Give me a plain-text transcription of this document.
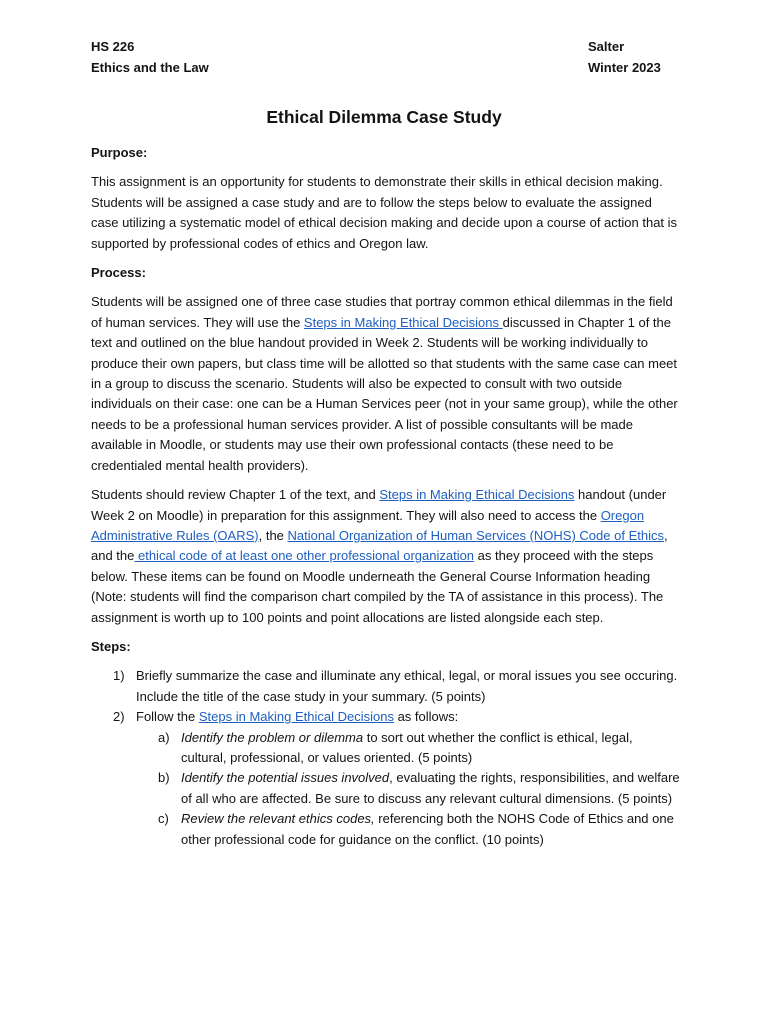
HS 226
Ethics and the Law
Salter
Winter 2023
Ethical Dilemma Case Study

Purpose:

This assignment is an opportunity for students to demonstrate their skills in ethical decision making. Students will be assigned a case study and are to follow the steps below to evaluate the assigned case utilizing a systematic model of ethical decision making and decide upon a course of action that is supported by professional codes of ethics and Oregon law.

Process:

Students will be assigned one of three case studies that portray common ethical dilemmas in the field of human services. They will use the Steps in Making Ethical Decisions discussed in Chapter 1 of the text and outlined on the blue handout provided in Week 2. Students will be working individually to produce their own papers, but class time will be allotted so that students with the same case can meet in a group to discuss the scenario. Students will also be expected to consult with two outside individuals on their case: one can be a Human Services peer (not in your same group), while the other needs to be a professional human services provider. A list of possible consultants will be made available in Moodle, or students may use their own professional contacts (these need to be credentialed mental health providers).

Students should review Chapter 1 of the text, and Steps in Making Ethical Decisions handout (under Week 2 on Moodle) in preparation for this assignment. They will also need to access the Oregon Administrative Rules (OARS), the National Organization of Human Services (NOHS) Code of Ethics, and the ethical code of at least one other professional organization as they proceed with the steps below. These items can be found on Moodle underneath the General Course Information heading (Note: students will find the comparison chart compiled by the TA of assistance in this process). The assignment is worth up to 100 points and point allocations are listed alongside each step.

Steps:

1) Briefly summarize the case and illuminate any ethical, legal, or moral issues you see occuring. Include the title of the case study in your summary. (5 points)
2) Follow the Steps in Making Ethical Decisions as follows:
a) Identify the problem or dilemma to sort out whether the conflict is ethical, legal, cultural, professional, or values oriented. (5 points)
b) Identify the potential issues involved, evaluating the rights, responsibilities, and welfare of all who are affected. Be sure to discuss any relevant cultural dimensions. (5 points)
c) Review the relevant ethics codes, referencing both the NOHS Code of Ethics and one other professional code for guidance on the conflict. (10 points)
